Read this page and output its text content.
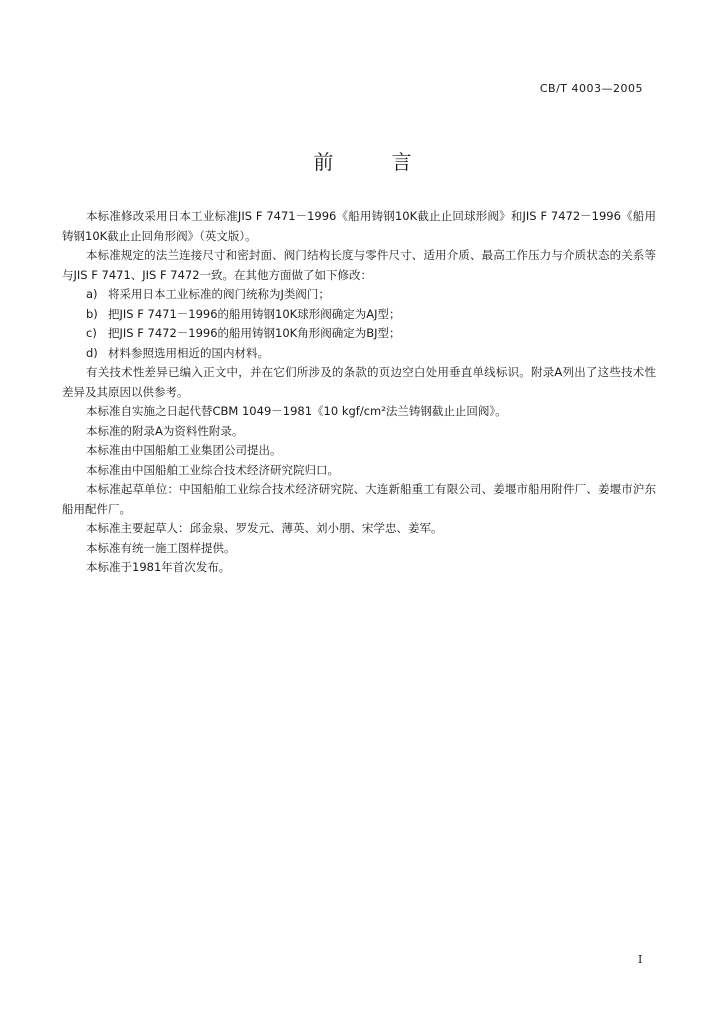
CB/T 4003—2005
前 言

本标准修改采用日本工业标准JIS F 7471－1996《船用铸钢10K截止止回球形阀》和JIS F 7472－1996《船用铸钢10K截止止回角形阀》（英文版）。

本标准规定的法兰连接尺寸和密封面、阀门结构长度与零件尺寸、适用介质、最高工作压力与介质状态的关系等与JIS F 7471、JIS F 7472一致。在其他方面做了如下修改：

a) 将采用日本工业标准的阀门统称为J类阀门；
b) 把JIS F 7471－1996的船用铸钢10K球形阀确定为AJ型；
c) 把JIS F 7472－1996的船用铸钢10K角形阀确定为BJ型；
d) 材料参照选用相近的国内材料。

有关技术性差异已编入正文中，并在它们所涉及的条款的页边空白处用垂直单线标识。附录A列出了这些技术性差异及其原因以供参考。

本标准自实施之日起代替CBM 1049－1981《10 kgf/cm²法兰铸钢截止止回阀》。

本标准的附录A为资料性附录。

本标准由中国船舶工业集团公司提出。

本标准由中国船舶工业综合技术经济研究院归口。

本标准起草单位：中国船舶工业综合技术经济研究院、大连新船重工有限公司、姜堰市船用附件厂、姜堰市沪东船用配件厂。

本标准主要起草人：邱金泉、罗发元、薄英、刘小朋、宋学忠、姜军。

本标准有统一施工图样提供。

本标准于1981年首次发布。

I
